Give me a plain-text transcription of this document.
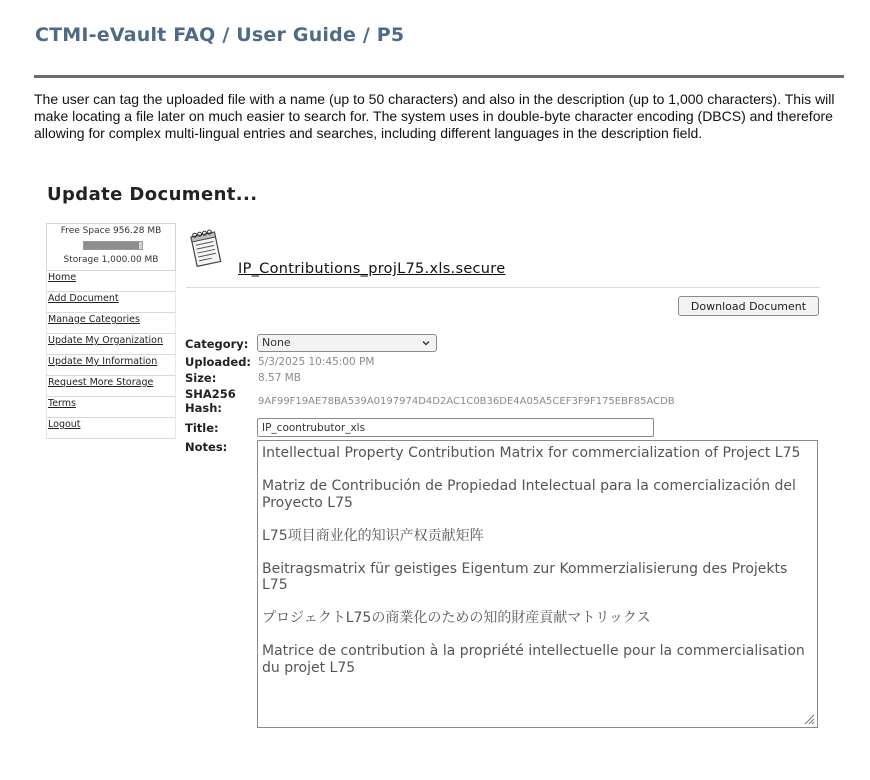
CTMI-eVault FAQ / User Guide / P5
The user can tag the uploaded file with a name (up to 50 characters) and also in the description (up to 1,000 characters). This will make locating a file later on much easier to search for. The system uses in double-byte character encoding (DBCS) and therefore allowing for complex multi-lingual entries and searches, including different languages in the description field.
Update Document...
Free Space 956.28 MB
Storage 1,000.00 MB
Home
Add Document
Manage Categories
Update My Organization
Update My Information
Request More Storage
Terms
Logout
IP_Contributions_projL75.xls.secure
Download Document
Category:	None
Uploaded: 5/3/2025 10:45:00 PM
Size:	8.57 MB
SHA256
Hash:	9AF99F19AE78BA539A0197974D4D2AC1C0B36DE4A05A5CEF3F9F175EBF85ACDB
Title:
IP_coontrubutor_xls
Notes: Intellectual Property Contribution Matrix for commercialization of Project L75

Matriz de Contribución de Propiedad Intelectual para la comercialización del Proyecto L75

L75项目商业化的知识产权贡献矩阵

Beitragsmatrix für geistiges Eigentum zur Kommerzialisierung des Projekts L75

プロジェクトL75の商業化のための知的財産貢献マトリックス

Matrice de contribution à la propriété intellectuelle pour la commercialisation du projet L75
